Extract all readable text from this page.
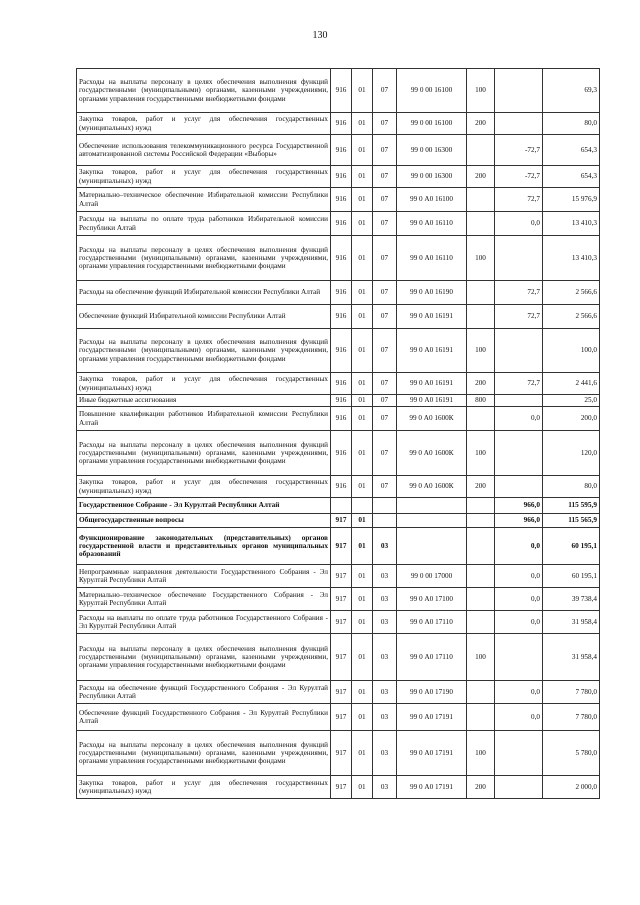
130
Расходы на выплаты персоналу в целях обеспечения выполнения функций государственными (муниципальными) органами, казенными учреждениями, органами управления государственными внебюджетными фондами	916	01	07	99 0 00 16100	100		69,3
Закупка товаров, работ и услуг для обеспечения государственных (муниципальных) нужд	916	01	07	99 0 00 16100	200		80,0
Обеспечение использования телекоммуникационного ресурса Государственной автоматизированной системы Российской Федерации «Выборы»	916	01	07	99 0 00 16300		-72,7	654,3
Закупка товаров, работ и услуг для обеспечения государственных (муниципальных) нужд	916	01	07	99 0 00 16300	200	-72,7	654,3
Материально–техническое обеспечение Избирательной комиссии Республики Алтай	916	01	07	99 0 А0 16100		72,7	15 976,9
Расходы на выплаты по оплате труда работников Избирательной комиссии Республики Алтай	916	01	07	99 0 А0 16110		0,0	13 410,3
Расходы на выплаты персоналу в целях обеспечения выполнения функций государственными (муниципальными) органами, казенными учреждениями, органами управления государственными внебюджетными фондами	916	01	07	99 0 А0 16110	100		13 410,3
Расходы на обеспечение функций Избирательной комиссии Республики Алтай	916	01	07	99 0 А0 16190		72,7	2 566,6
Обеспечение функций Избирательной комиссии Республики Алтай	916	01	07	99 0 А0 16191		72,7	2 566,6
Расходы на выплаты персоналу в целях обеспечения выполнения функций государственными (муниципальными) органами, казенными учреждениями, органами управления государственными внебюджетными фондами	916	01	07	99 0 А0 16191	100		100,0
Закупка товаров, работ и услуг для обеспечения государственных (муниципальных) нужд	916	01	07	99 0 А0 16191	200	72,7	2 441,6
Иные бюджетные ассигнования	916	01	07	99 0 А0 16191	800		25,0
Повышение квалификации работников Избирательной комиссии Республики Алтай	916	01	07	99 0 А0 1600К		0,0	200,0
Расходы на выплаты персоналу в целях обеспечения выполнения функций государственными (муниципальными) органами, казенными учреждениями, органами управления государственными внебюджетными фондами	916	01	07	99 0 А0 1600К	100		120,0
Закупка товаров, работ и услуг для обеспечения государственных (муниципальных) нужд	916	01	07	99 0 А0 1600К	200		80,0
Государственное Собрание - Эл Курултай Республики Алтай						966,0	115 595,9
Общегосударственные вопросы	917	01				966,0	115 565,9
Функционирование законодательных (представительных) органов государственной власти и представительных органов муниципальных образований	917	01	03			0,0	60 195,1
Непрограммные направления деятельности Государственного Собрания - Эл Курултай Республики Алтай	917	01	03	99 0 00 17000		0,0	60 195,1
Материально–техническое обеспечение Государственного Собрания - Эл Курултай Республики Алтай	917	01	03	99 0 А0 17100		0,0	39 738,4
Расходы на выплаты по оплате труда работников Государственного Собрания - Эл Курултай Республики Алтай	917	01	03	99 0 А0 17110		0,0	31 958,4
Расходы на выплаты персоналу в целях обеспечения выполнения функций государственными (муниципальными) органами, казенными учреждениями, органами управления государственными внебюджетными фондами	917	01	03	99 0 А0 17110	100		31 958,4
Расходы на обеспечение функций Государственного Собрания - Эл Курултай Республики Алтай	917	01	03	99 0 А0 17190		0,0	7 780,0
Обеспечение функций Государственного Собрания - Эл Курултай Республики Алтай	917	01	03	99 0 А0 17191		0,0	7 780,0
Расходы на выплаты персоналу в целях обеспечения выполнения функций государственными (муниципальными) органами, казенными учреждениями, органами управления государственными внебюджетными фондами	917	01	03	99 0 А0 17191	100		5 780,0
Закупка товаров, работ и услуг для обеспечения государственных (муниципальных) нужд	917	01	03	99 0 А0 17191	200		2 000,0
